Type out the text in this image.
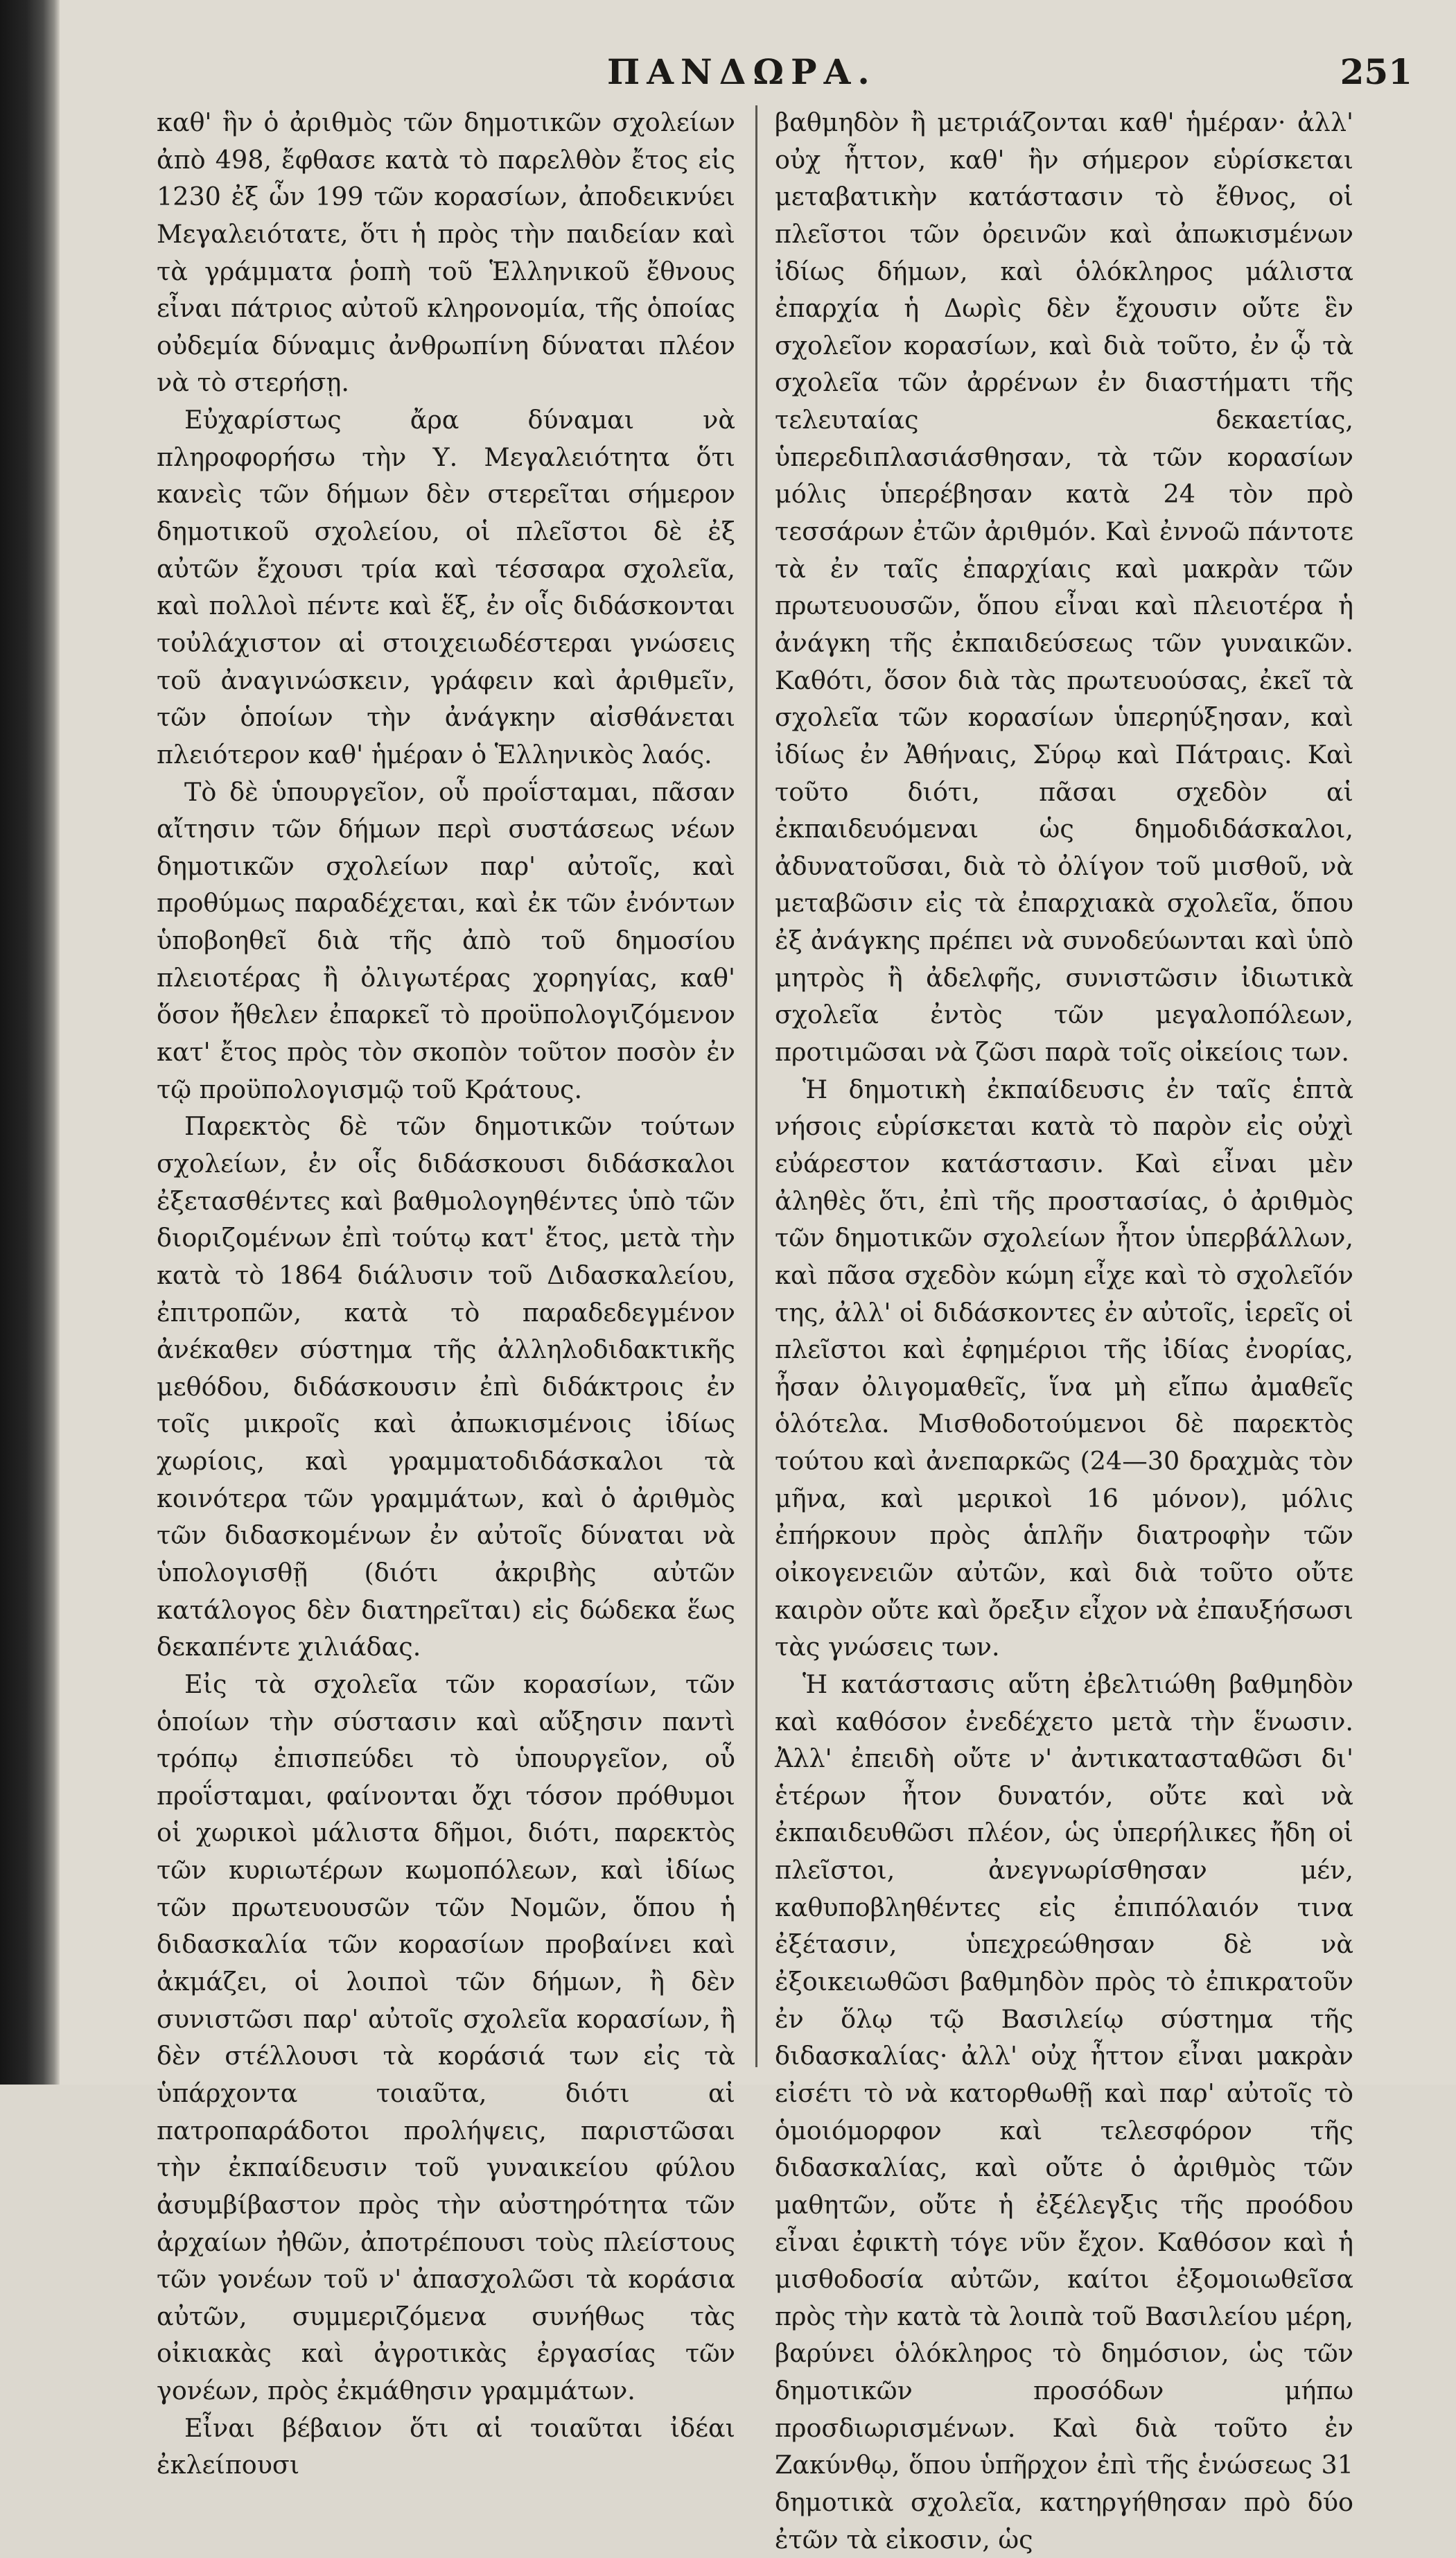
ΠΑΝΔΩΡΑ.	251

καθ' ἣν ὁ ἀριθμὸς τῶν δημοτικῶν σχολείων ἀπὸ 498, ἔφθασε κατὰ τὸ παρελθὸν ἔτος εἰς 1230 ἐξ ὧν 199 τῶν κορασίων, ἀποδεικνύει Μεγαλειότατε, ὅτι ἡ πρὸς τὴν παιδείαν καὶ τὰ γράμματα ῥοπὴ τοῦ Ἑλληνικοῦ ἔθνους εἶναι πάτριος αὐτοῦ κληρονομία, τῆς ὁποίας οὐδεμία δύναμις ἀνθρωπίνη δύναται πλέον νὰ τὸ στερήσῃ.

Εὐχαρίστως ἄρα δύναμαι νὰ πληροφορήσω τὴν Υ. Μεγαλειότητα ὅτι κανεὶς τῶν δήμων δὲν στερεῖται σήμερον δημοτικοῦ σχολείου, οἱ πλεῖστοι δὲ ἐξ αὐτῶν ἔχουσι τρία καὶ τέσσαρα σχολεῖα, καὶ πολλοὶ πέντε καὶ ἕξ, ἐν οἷς διδάσκονται τοὐλάχιστον αἱ στοιχειωδέστεραι γνώσεις τοῦ ἀναγινώσκειν, γράφειν καὶ ἀριθμεῖν, τῶν ὁποίων τὴν ἀνάγκην αἰσθάνεται πλειότερον καθ' ἡμέραν ὁ Ἑλληνικὸς λαός.

Τὸ δὲ ὑπουργεῖον, οὗ προΐσταμαι, πᾶσαν αἴτησιν τῶν δήμων περὶ συστάσεως νέων δημοτικῶν σχολείων παρ' αὐτοῖς, καὶ προθύμως παραδέχεται, καὶ ἐκ τῶν ἐνόντων ὑποβοηθεῖ διὰ τῆς ἀπὸ τοῦ δημοσίου πλειοτέρας ἢ ὀλιγωτέρας χορηγίας, καθ' ὅσον ἤθελεν ἐπαρκεῖ τὸ προϋπολογιζόμενον κατ' ἔτος πρὸς τὸν σκοπὸν τοῦτον ποσὸν ἐν τῷ προϋπολογισμῷ τοῦ Κράτους.

Παρεκτὸς δὲ τῶν δημοτικῶν τούτων σχολείων, ἐν οἷς διδάσκουσι διδάσκαλοι ἐξετασθέντες καὶ βαθμολογηθέντες ὑπὸ τῶν διοριζομένων ἐπὶ τούτῳ κατ' ἔτος, μετὰ τὴν κατὰ τὸ 1864 διάλυσιν τοῦ Διδασκαλείου, ἐπιτροπῶν, κατὰ τὸ παραδεδεγμένον ἀνέκαθεν σύστημα τῆς ἀλληλοδιδακτικῆς μεθόδου, διδάσκουσιν ἐπὶ διδάκτροις ἐν τοῖς μικροῖς καὶ ἀπωκισμένοις ἰδίως χωρίοις, καὶ γραμματοδιδάσκαλοι τὰ κοινότερα τῶν γραμμάτων, καὶ ὁ ἀριθμὸς τῶν διδασκομένων ἐν αὐτοῖς δύναται νὰ ὑπολογισθῇ (διότι ἀκριβὴς αὐτῶν κατάλογος δὲν διατηρεῖται) εἰς δώδεκα ἕως δεκαπέντε χιλιάδας.

Εἰς τὰ σχολεῖα τῶν κορασίων, τῶν ὁποίων τὴν σύστασιν καὶ αὔξησιν παντὶ τρόπῳ ἐπισπεύδει τὸ ὑπουργεῖον, οὗ προΐσταμαι, φαίνονται ὄχι τόσον πρόθυμοι οἱ χωρικοὶ μάλιστα δῆμοι, διότι, παρεκτὸς τῶν κυριωτέρων κωμοπόλεων, καὶ ἰδίως τῶν πρωτευουσῶν τῶν Νομῶν, ὅπου ἡ διδασκαλία τῶν κορασίων προβαίνει καὶ ἀκμάζει, οἱ λοιποὶ τῶν δήμων, ἢ δὲν συνιστῶσι παρ' αὐτοῖς σχολεῖα κορασίων, ἢ δὲν στέλλουσι τὰ κοράσιά των εἰς τὰ ὑπάρχοντα τοιαῦτα, διότι αἱ πατροπαράδοτοι προλήψεις, παριστῶσαι τὴν ἐκπαίδευσιν τοῦ γυναικείου φύλου ἀσυμβίβαστον πρὸς τὴν αὐστηρότητα τῶν ἀρχαίων ἠθῶν, ἀποτρέπουσι τοὺς πλείστους τῶν γονέων τοῦ ν' ἀπασχολῶσι τὰ κοράσια αὐτῶν, συμμεριζόμενα συνήθως τὰς οἰκιακὰς καὶ ἀγροτικὰς ἐργασίας τῶν γονέων, πρὸς ἐκμάθησιν γραμμάτων.

Εἶναι βέβαιον ὅτι αἱ τοιαῦται ἰδέαι ἐκλείπουσι

βαθμηδὸν ἢ μετριάζονται καθ' ἡμέραν· ἀλλ' οὐχ ἧττον, καθ' ἣν σήμερον εὑρίσκεται μεταβατικὴν κατάστασιν τὸ ἔθνος, οἱ πλεῖστοι τῶν ὀρεινῶν καὶ ἀπωκισμένων ἰδίως δήμων, καὶ ὁλόκληρος μάλιστα ἐπαρχία ἡ Δωρὶς δὲν ἔχουσιν οὔτε ἓν σχολεῖον κορασίων, καὶ διὰ τοῦτο, ἐν ᾧ τὰ σχολεῖα τῶν ἀρρένων ἐν διαστήματι τῆς τελευταίας δεκαετίας, ὑπερεδιπλασιάσθησαν, τὰ τῶν κορασίων μόλις ὑπερέβησαν κατὰ 24 τὸν πρὸ τεσσάρων ἐτῶν ἀριθμόν. Καὶ ἐννοῶ πάντοτε τὰ ἐν ταῖς ἐπαρχίαις καὶ μακρὰν τῶν πρωτευουσῶν, ὅπου εἶναι καὶ πλειοτέρα ἡ ἀνάγκη τῆς ἐκπαιδεύσεως τῶν γυναικῶν. Καθότι, ὅσον διὰ τὰς πρωτευούσας, ἐκεῖ τὰ σχολεῖα τῶν κορασίων ὑπερηύξησαν, καὶ ἰδίως ἐν Ἀθήναις, Σύρῳ καὶ Πάτραις. Καὶ τοῦτο διότι, πᾶσαι σχεδὸν αἱ ἐκπαιδευόμεναι ὡς δημοδιδάσκαλοι, ἀδυνατοῦσαι, διὰ τὸ ὀλίγον τοῦ μισθοῦ, νὰ μεταβῶσιν εἰς τὰ ἐπαρχιακὰ σχολεῖα, ὅπου ἐξ ἀνάγκης πρέπει νὰ συνοδεύωνται καὶ ὑπὸ μητρὸς ἢ ἀδελφῆς, συνιστῶσιν ἰδιωτικὰ σχολεῖα ἐντὸς τῶν μεγαλοπόλεων, προτιμῶσαι νὰ ζῶσι παρὰ τοῖς οἰκείοις των.

Ἡ δημοτικὴ ἐκπαίδευσις ἐν ταῖς ἑπτὰ νήσοις εὑρίσκεται κατὰ τὸ παρὸν εἰς οὐχὶ εὐάρεστον κατάστασιν. Καὶ εἶναι μὲν ἀληθὲς ὅτι, ἐπὶ τῆς προστασίας, ὁ ἀριθμὸς τῶν δημοτικῶν σχολείων ἦτον ὑπερβάλλων, καὶ πᾶσα σχεδὸν κώμη εἶχε καὶ τὸ σχολεῖόν της, ἀλλ' οἱ διδάσκοντες ἐν αὐτοῖς, ἱερεῖς οἱ πλεῖστοι καὶ ἐφημέριοι τῆς ἰδίας ἐνορίας, ἦσαν ὀλιγομαθεῖς, ἵνα μὴ εἴπω ἀμαθεῖς ὁλότελα. Μισθοδοτούμενοι δὲ παρεκτὸς τούτου καὶ ἀνεπαρκῶς (24—30 δραχμὰς τὸν μῆνα, καὶ μερικοὶ 16 μόνον), μόλις ἐπήρκουν πρὸς ἁπλῆν διατροφὴν τῶν οἰκογενειῶν αὐτῶν, καὶ διὰ τοῦτο οὔτε καιρὸν οὔτε καὶ ὄρεξιν εἶχον νὰ ἐπαυξήσωσι τὰς γνώσεις των.

Ἡ κατάστασις αὕτη ἐβελτιώθη βαθμηδὸν καὶ καθόσον ἐνεδέχετο μετὰ τὴν ἕνωσιν. Ἀλλ' ἐπειδὴ οὔτε ν' ἀντικατασταθῶσι δι' ἑτέρων ἦτον δυνατόν, οὔτε καὶ νὰ ἐκπαιδευθῶσι πλέον, ὡς ὑπερήλικες ἤδη οἱ πλεῖστοι, ἀνεγνωρίσθησαν μέν, καθυποβληθέντες εἰς ἐπιπόλαιόν τινα ἐξέτασιν, ὑπεχρεώθησαν δὲ νὰ ἐξοικειωθῶσι βαθμηδὸν πρὸς τὸ ἐπικρατοῦν ἐν ὅλῳ τῷ Βασιλείῳ σύστημα τῆς διδασκαλίας· ἀλλ' οὐχ ἧττον εἶναι μακρὰν εἰσέτι τὸ νὰ κατορθωθῇ καὶ παρ' αὐτοῖς τὸ ὁμοιόμορφον καὶ τελεσφόρον τῆς διδασκαλίας, καὶ οὔτε ὁ ἀριθμὸς τῶν μαθητῶν, οὔτε ἡ ἐξέλεγξις τῆς προόδου εἶναι ἐφικτὴ τόγε νῦν ἔχον. Καθόσον καὶ ἡ μισθοδοσία αὐτῶν, καίτοι ἐξομοιωθεῖσα πρὸς τὴν κατὰ τὰ λοιπὰ τοῦ Βασιλείου μέρη, βαρύνει ὁλόκληρος τὸ δημόσιον, ὡς τῶν δημοτικῶν προσόδων μήπω προσδιωρισμένων. Καὶ διὰ τοῦτο ἐν Ζακύνθῳ, ὅπου ὑπῆρχον ἐπὶ τῆς ἑνώσεως 31 δημοτικὰ σχολεῖα, κατηργήθησαν πρὸ δύο ἐτῶν τὰ εἰκοσιν, ὡς
